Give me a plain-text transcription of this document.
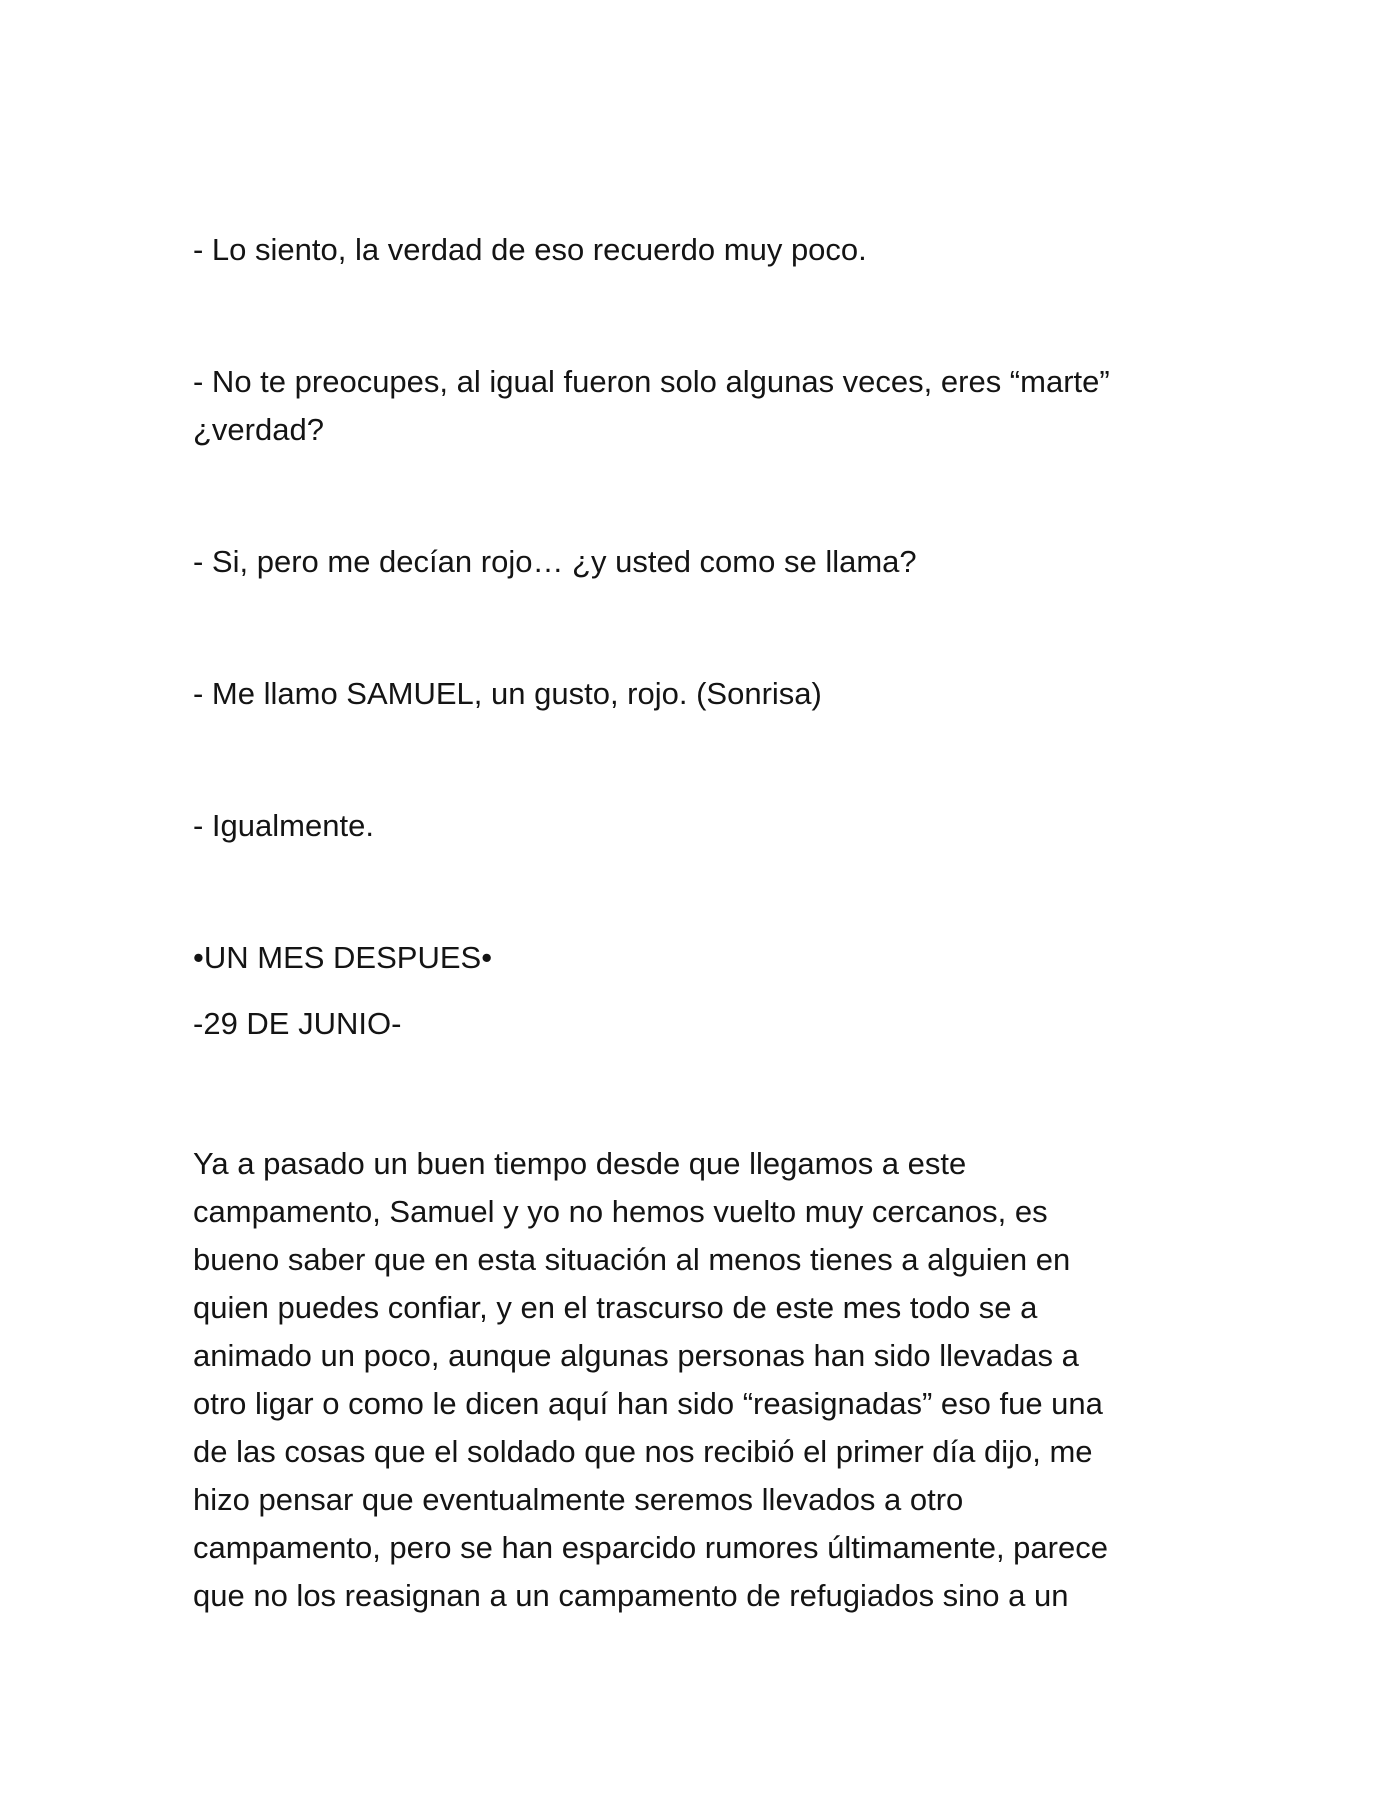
- Lo siento, la verdad de eso recuerdo muy poco.

- No te preocupes, al igual fueron solo algunas veces, eres “marte”

¿verdad?

- Si, pero me decían rojo… ¿y usted como se llama?

- Me llamo SAMUEL, un gusto, rojo. (Sonrisa)

- Igualmente.

•UN MES DESPUES•

-29 DE JUNIO-

Ya a pasado un buen tiempo desde que llegamos a este
campamento, Samuel y yo no hemos vuelto muy cercanos, es
bueno saber que en esta situación al menos tienes a alguien en
quien puedes confiar, y en el trascurso de este mes todo se a
animado un poco, aunque algunas personas han sido llevadas a
otro ligar o como le dicen aquí han sido “reasignadas” eso fue una
de las cosas que el soldado que nos recibió el primer día dijo, me
hizo pensar que eventualmente seremos llevados a otro
campamento, pero se han esparcido rumores últimamente, parece
que no los reasignan a un campamento de refugiados sino a un
